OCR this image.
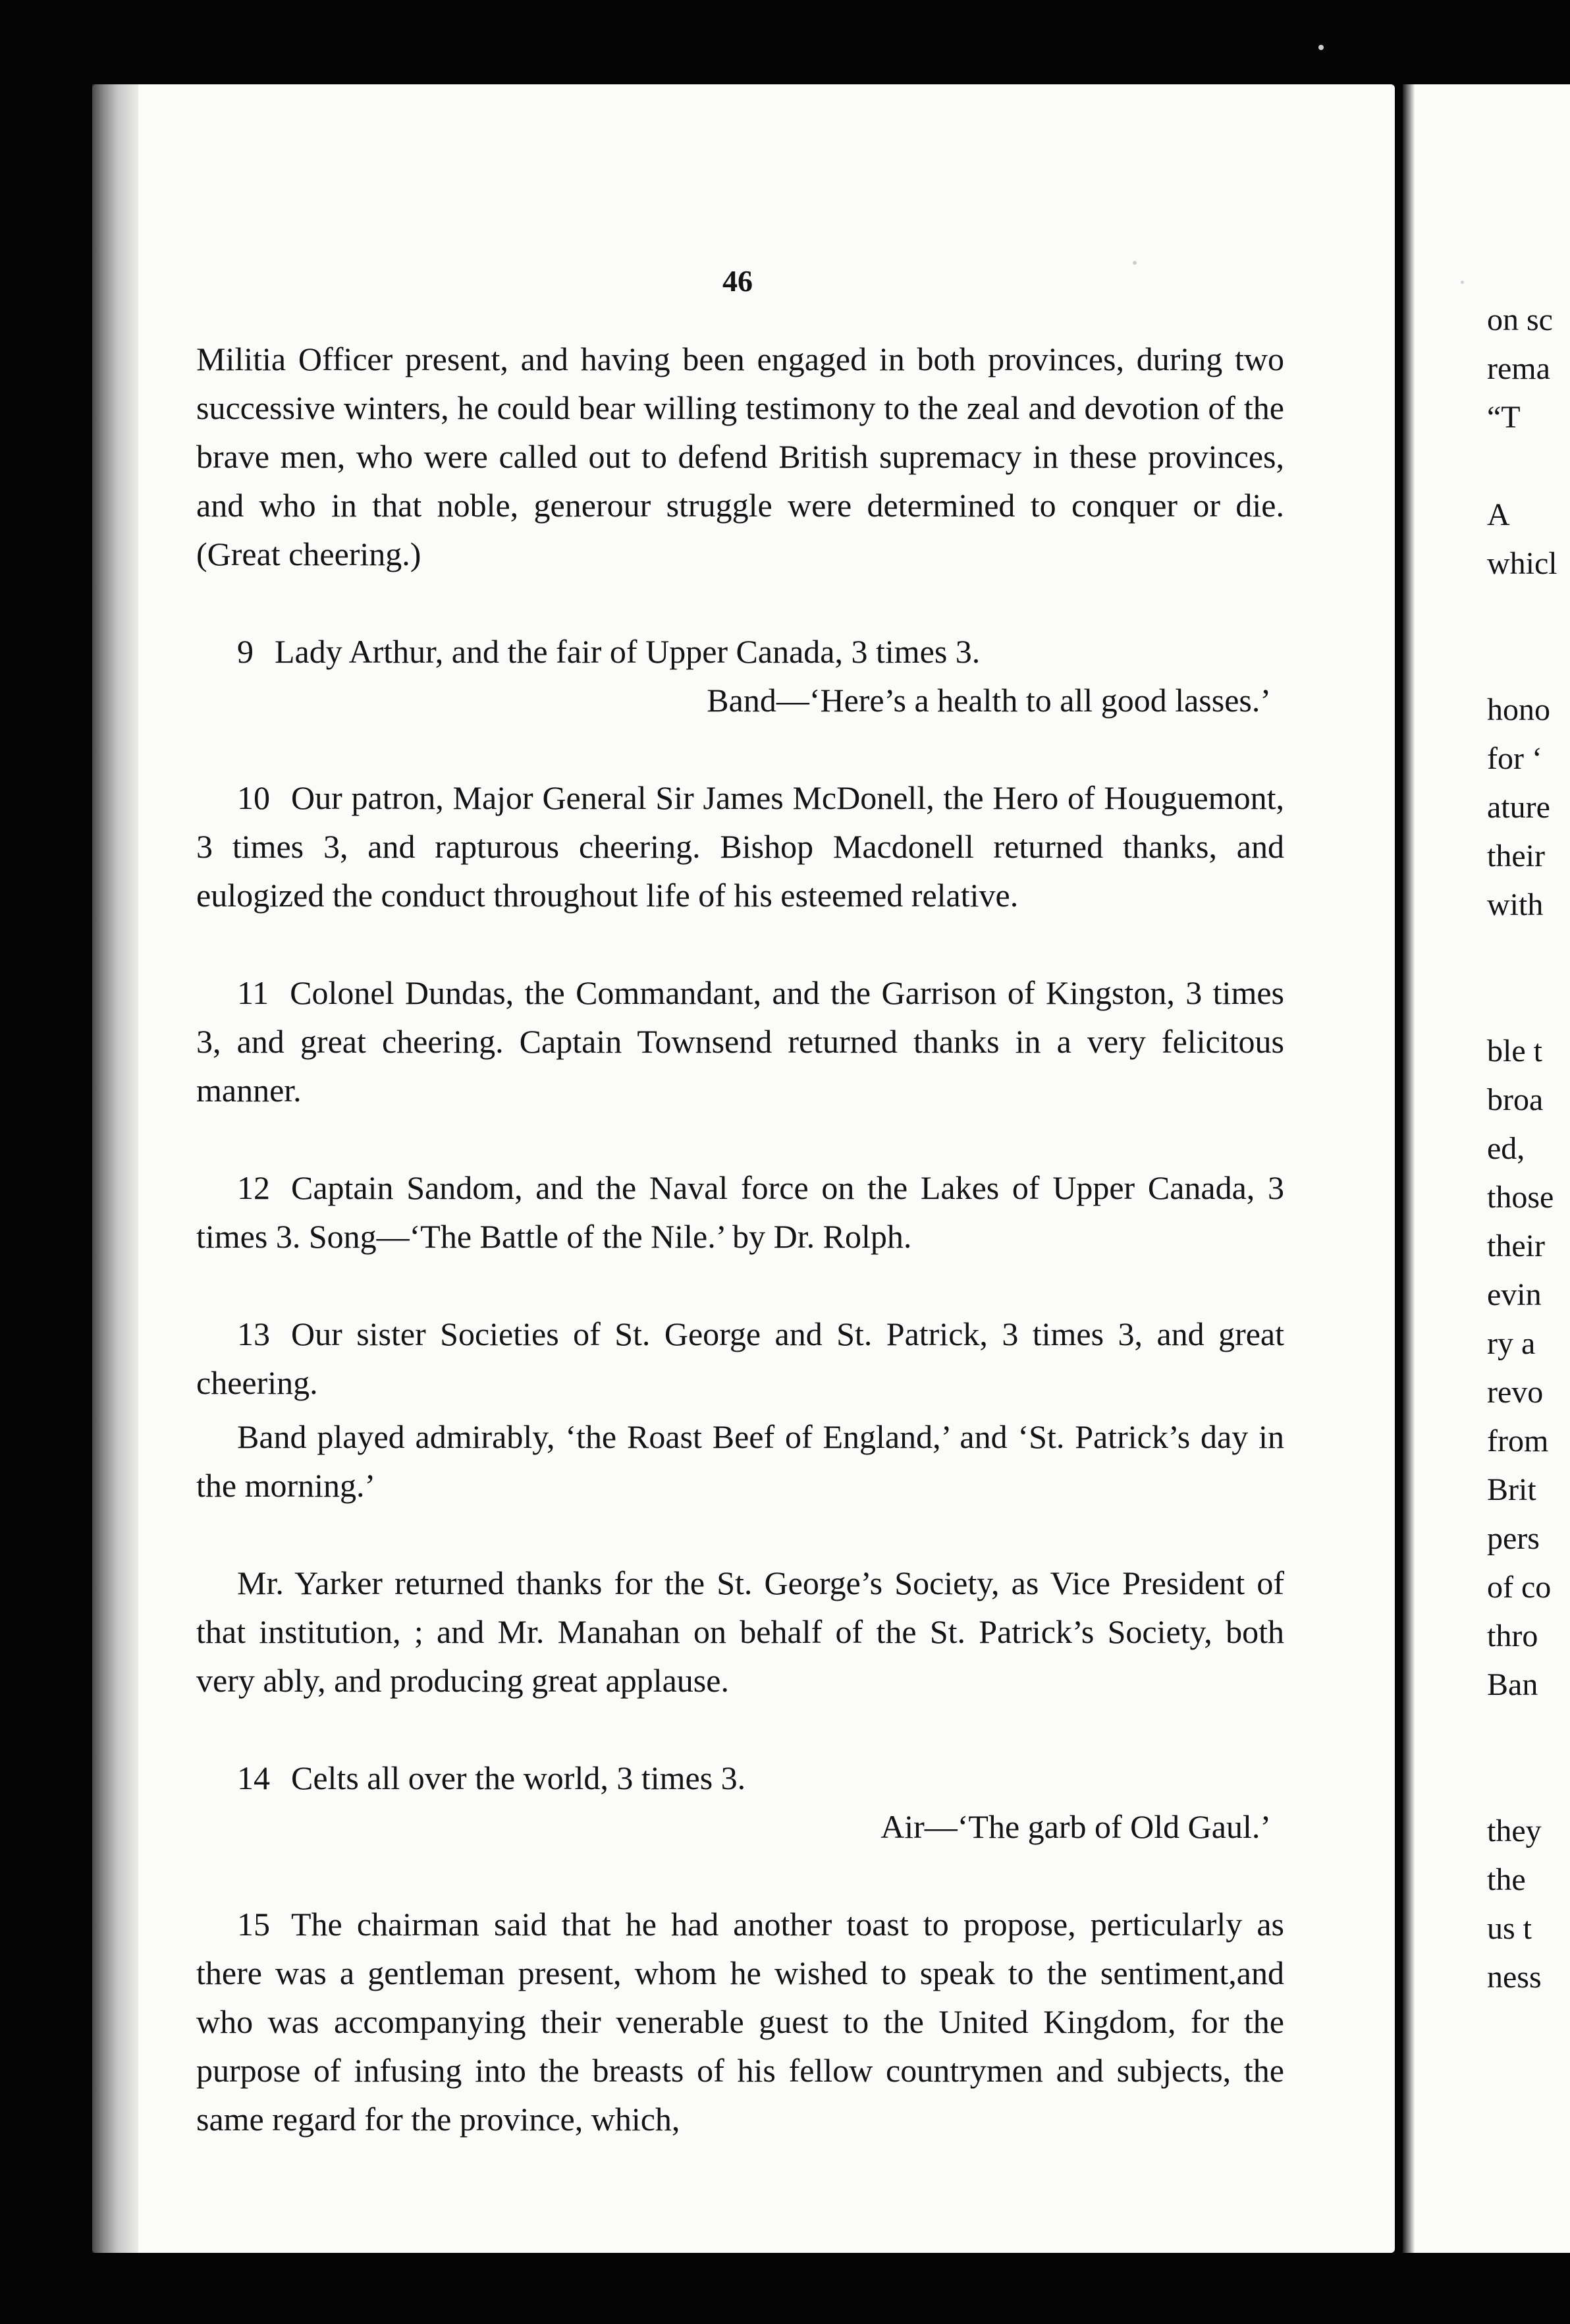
46

Militia Officer present, and having been engaged in both provinces, during two successive winters, he could bear willing testimony to the zeal and devotion of the brave men, who were called out to defend British supremacy in these provinces, and who in that noble, generour struggle were determined to conquer or die. (Great cheering.)

9 Lady Arthur, and the fair of Upper Canada, 3 times 3.

Band—‘Here’s a health to all good lasses.’

10 Our patron, Major General Sir James McDonell, the Hero of Houguemont, 3 times 3, and rapturous cheering. Bishop Macdonell returned thanks, and eulogized the conduct throughout life of his esteemed relative.

11 Colonel Dundas, the Commandant, and the Garrison of Kingston, 3 times 3, and great cheering. Captain Townsend returned thanks in a very felicitous manner.

12 Captain Sandom, and the Naval force on the Lakes of Upper Canada, 3 times 3. Song—‘The Battle of the Nile.’ by Dr. Rolph.

13 Our sister Societies of St. George and St. Patrick, 3 times 3, and great cheering.

Band played admirably, ‘the Roast Beef of England,’ and ‘St. Patrick’s day in the morning.’

Mr. Yarker returned thanks for the St. George’s Society, as Vice President of that institution, ; and Mr. Manahan on behalf of the St. Patrick’s Society, both very ably, and producing great applause.

14 Celts all over the world, 3 times 3.

Air—‘The garb of Old Gaul.’

15 The chairman said that he had another toast to propose, perticularly as there was a gentleman present, whom he wished to speak to the sentiment,and who was accompanying their venerable guest to the United Kingdom, for the purpose of infusing into the breasts of his fellow countrymen and subjects, the same regard for the province, which,

on sc
rema
“T
A
whicl
hono
for ‘
ature
their
with
ble t
broa
ed,
those
their
evin
ry a
revo
from
Brit
pers
of co
thro
Ban
they
the
us t
ness
